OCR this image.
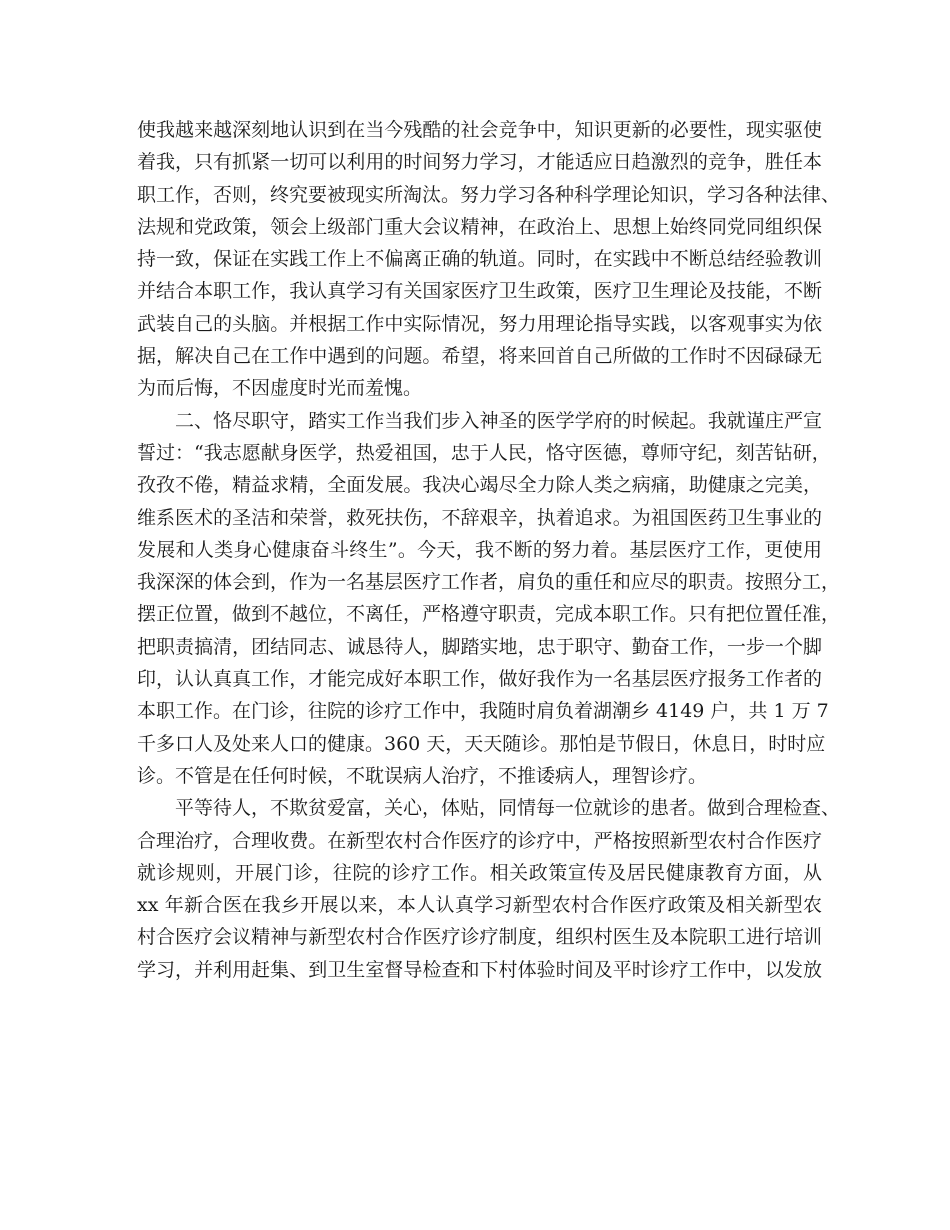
使我越来越深刻地认识到在当今残酷的社会竞争中，知识更新的必要性，现实驱使
着我，只有抓紧一切可以利用的时间努力学习，才能适应日趋激烈的竞争，胜任本
职工作，否则，终究要被现实所淘汰。努力学习各种科学理论知识，学习各种法律、
法规和党政策，领会上级部门重大会议精神，在政治上、思想上始终同党同组织保
持一致，保证在实践工作上不偏离正确的轨道。同时，在实践中不断总结经验教训
并结合本职工作，我认真学习有关国家医疗卫生政策，医疗卫生理论及技能，不断
武装自己的头脑。并根据工作中实际情况，努力用理论指导实践，以客观事实为依
据，解决自己在工作中遇到的问题。希望，将来回首自己所做的工作时不因碌碌无
为而后悔，不因虚度时光而羞愧。
二、恪尽职守，踏实工作当我们步入神圣的医学学府的时候起。我就谨庄严宣
誓过：“我志愿献身医学，热爱祖国，忠于人民，恪守医德，尊师守纪，刻苦钻研，
孜孜不倦，精益求精，全面发展。我决心竭尽全力除人类之病痛，助健康之完美，
维系医术的圣洁和荣誉，救死扶伤，不辞艰辛，执着追求。为祖国医药卫生事业的
发展和人类身心健康奋斗终生”。今天，我不断的努力着。基层医疗工作，更使用
我深深的体会到，作为一名基层医疗工作者，肩负的重任和应尽的职责。按照分工，
摆正位置，做到不越位，不离任，严格遵守职责，完成本职工作。只有把位置任准，
把职责搞清，团结同志、诚恳待人，脚踏实地，忠于职守、勤奋工作，一步一个脚
印，认认真真工作，才能完成好本职工作，做好我作为一名基层医疗报务工作者的
本职工作。在门诊，往院的诊疗工作中，我随时肩负着湖潮乡 4149 户，共 1 万 7
千多口人及处来人口的健康。360 天，天天随诊。那怕是节假日，休息日，时时应
诊。不管是在任何时候，不耽误病人治疗，不推诿病人，理智诊疗。
平等待人，不欺贫爱富，关心，体贴，同情每一位就诊的患者。做到合理检查、
合理治疗，合理收费。在新型农村合作医疗的诊疗中，严格按照新型农村合作医疗
就诊规则，开展门诊，往院的诊疗工作。相关政策宣传及居民健康教育方面，从
xx 年新合医在我乡开展以来，本人认真学习新型农村合作医疗政策及相关新型农
村合医疗会议精神与新型农村合作医疗诊疗制度，组织村医生及本院职工进行培训
学习，并利用赶集、到卫生室督导检查和下村体验时间及平时诊疗工作中，以发放
